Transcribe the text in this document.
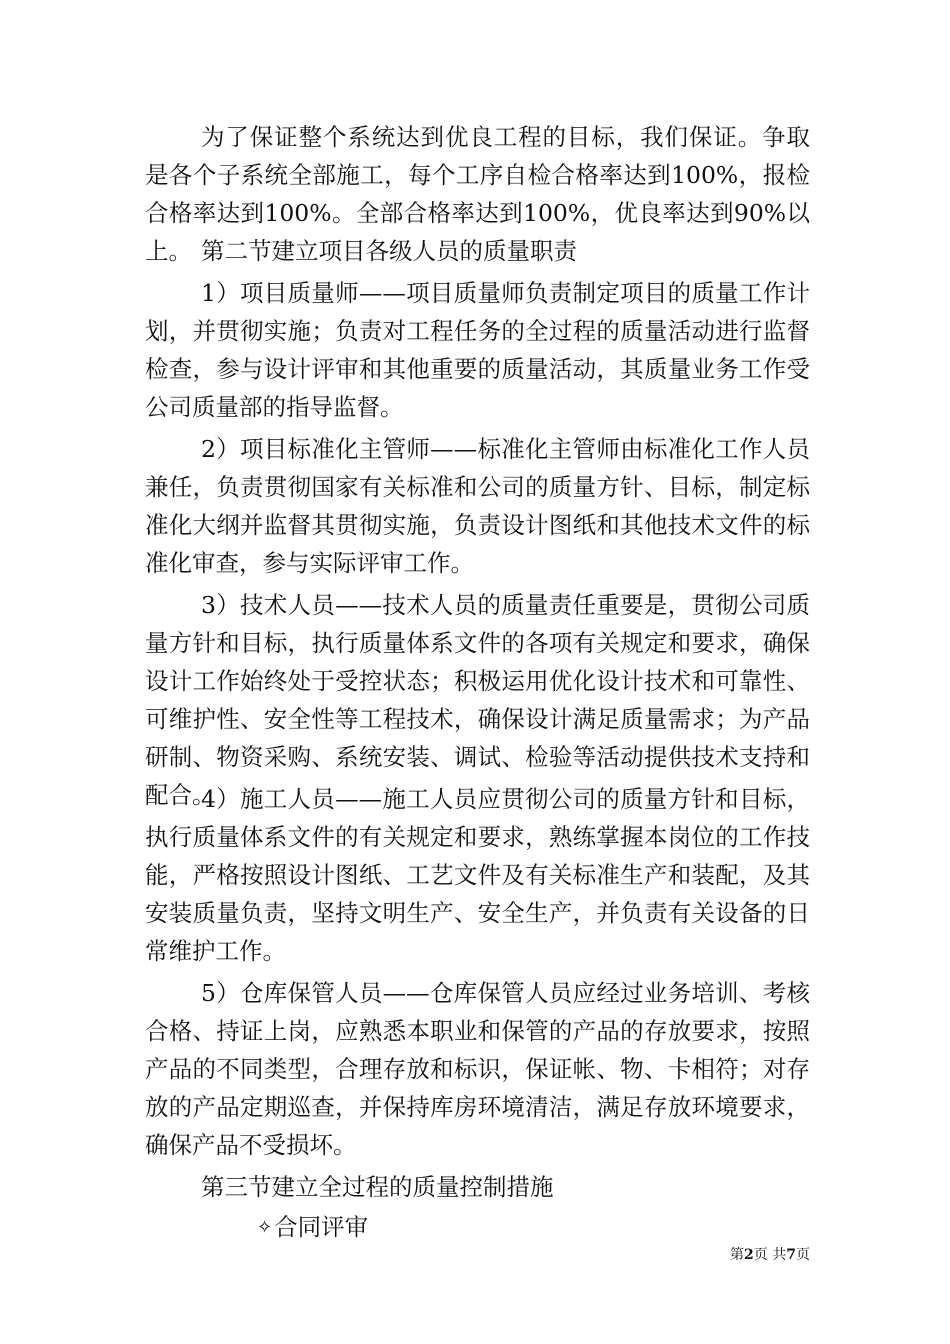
为了保证整个系统达到优良工程的目标，我们保证。争取是各个子系统全部施工，每个工序自检合格率达到100%，报检合格率达到100%。全部合格率达到100%，优良率达到90%以上。 第二节建立项目各级人员的质量职责

1）项目质量师——项目质量师负责制定项目的质量工作计划，并贯彻实施；负责对工程任务的全过程的质量活动进行监督检查，参与设计评审和其他重要的质量活动，其质量业务工作受公司质量部的指导监督。

2）项目标准化主管师——标准化主管师由标准化工作人员兼任，负责贯彻国家有关标准和公司的质量方针、目标，制定标准化大纲并监督其贯彻实施，负责设计图纸和其他技术文件的标准化审查，参与实际评审工作。

3）技术人员——技术人员的质量责任重要是，贯彻公司质量方针和目标，执行质量体系文件的各项有关规定和要求，确保设计工作始终处于受控状态；积极运用优化设计技术和可靠性、可维护性、安全性等工程技术，确保设计满足质量需求；为产品研制、物资采购、系统安装、调试、检验等活动提供技术支持和配合。

4）施工人员——施工人员应贯彻公司的质量方针和目标，执行质量体系文件的有关规定和要求，熟练掌握本岗位的工作技能，严格按照设计图纸、工艺文件及有关标准生产和装配，及其安装质量负责，坚持文明生产、安全生产，并负责有关设备的日常维护工作。

5）仓库保管人员——仓库保管人员应经过业务培训、考核合格、持证上岗，应熟悉本职业和保管的产品的存放要求，按照产品的不同类型，合理存放和标识，保证帐、物、卡相符；对存放的产品定期巡查，并保持库房环境清洁，满足存放环境要求，确保产品不受损坏。

第三节建立全过程的质量控制措施

✧合同评审

第2页 共7页
